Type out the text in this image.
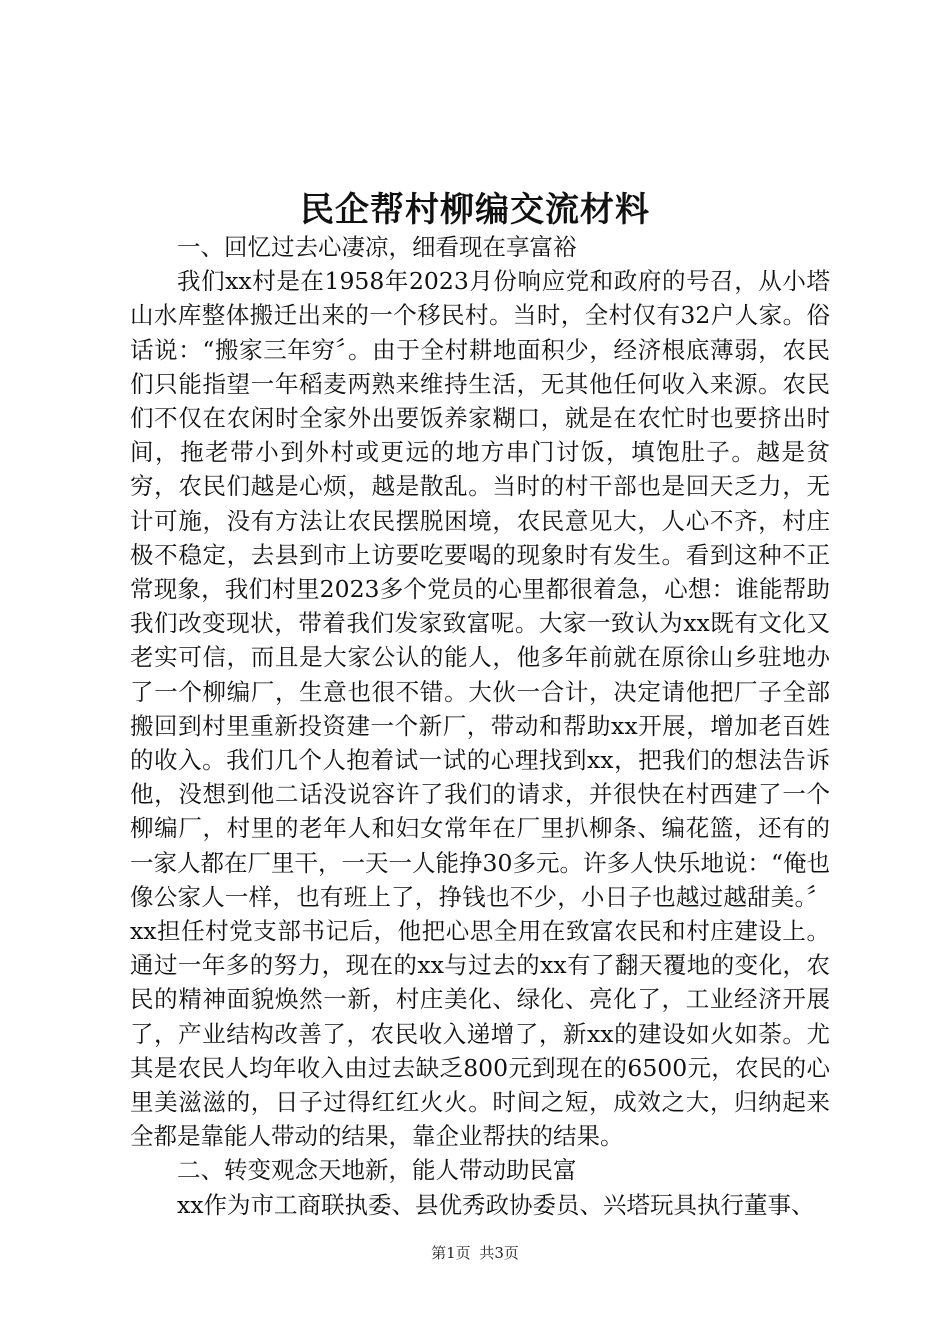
民企帮村柳编交流材料

一、回忆过去心凄凉，细看现在享富裕

我们xx村是在1958年2023月份响应党和政府的号召，从小塔山水库整体搬迁出来的一个移民村。当时，全村仅有32户人家。俗话说：“搬家三年穷〞。由于全村耕地面积少，经济根底薄弱，农民们只能指望一年稻麦两熟来维持生活，无其他任何收入来源。农民们不仅在农闲时全家外出要饭养家糊口，就是在农忙时也要挤出时间，拖老带小到外村或更远的地方串门讨饭，填饱肚子。越是贫穷，农民们越是心烦，越是散乱。当时的村干部也是回天乏力，无计可施，没有方法让农民摆脱困境，农民意见大，人心不齐，村庄极不稳定，去县到市上访要吃要喝的现象时有发生。看到这种不正常现象，我们村里2023多个党员的心里都很着急，心想：谁能帮助我们改变现状，带着我们发家致富呢。大家一致认为xx既有文化又老实可信，而且是大家公认的能人，他多年前就在原徐山乡驻地办了一个柳编厂，生意也很不错。大伙一合计，决定请他把厂子全部搬回到村里重新投资建一个新厂，带动和帮助xx开展，增加老百姓的收入。我们几个人抱着试一试的心理找到xx，把我们的想法告诉他，没想到他二话没说容许了我们的请求，并很快在村西建了一个柳编厂，村里的老年人和妇女常年在厂里扒柳条、编花篮，还有的一家人都在厂里干，一天一人能挣30多元。许多人快乐地说：“俺也像公家人一样，也有班上了，挣钱也不少，小日子也越过越甜美。〞xx担任村党支部书记后，他把心思全用在致富农民和村庄建设上。通过一年多的努力，现在的xx与过去的xx有了翻天覆地的变化，农民的精神面貌焕然一新，村庄美化、绿化、亮化了，工业经济开展了，产业结构改善了，农民收入递增了，新xx的建设如火如荼。尤其是农民人均年收入由过去缺乏800元到现在的6500元，农民的心里美滋滋的，日子过得红红火火。时间之短，成效之大，归纳起来全都是靠能人带动的结果，靠企业帮扶的结果。

二、转变观念天地新，能人带动助民富

xx作为市工商联执委、县优秀政协委员、兴塔玩具执行董事、

第1页 共3页
